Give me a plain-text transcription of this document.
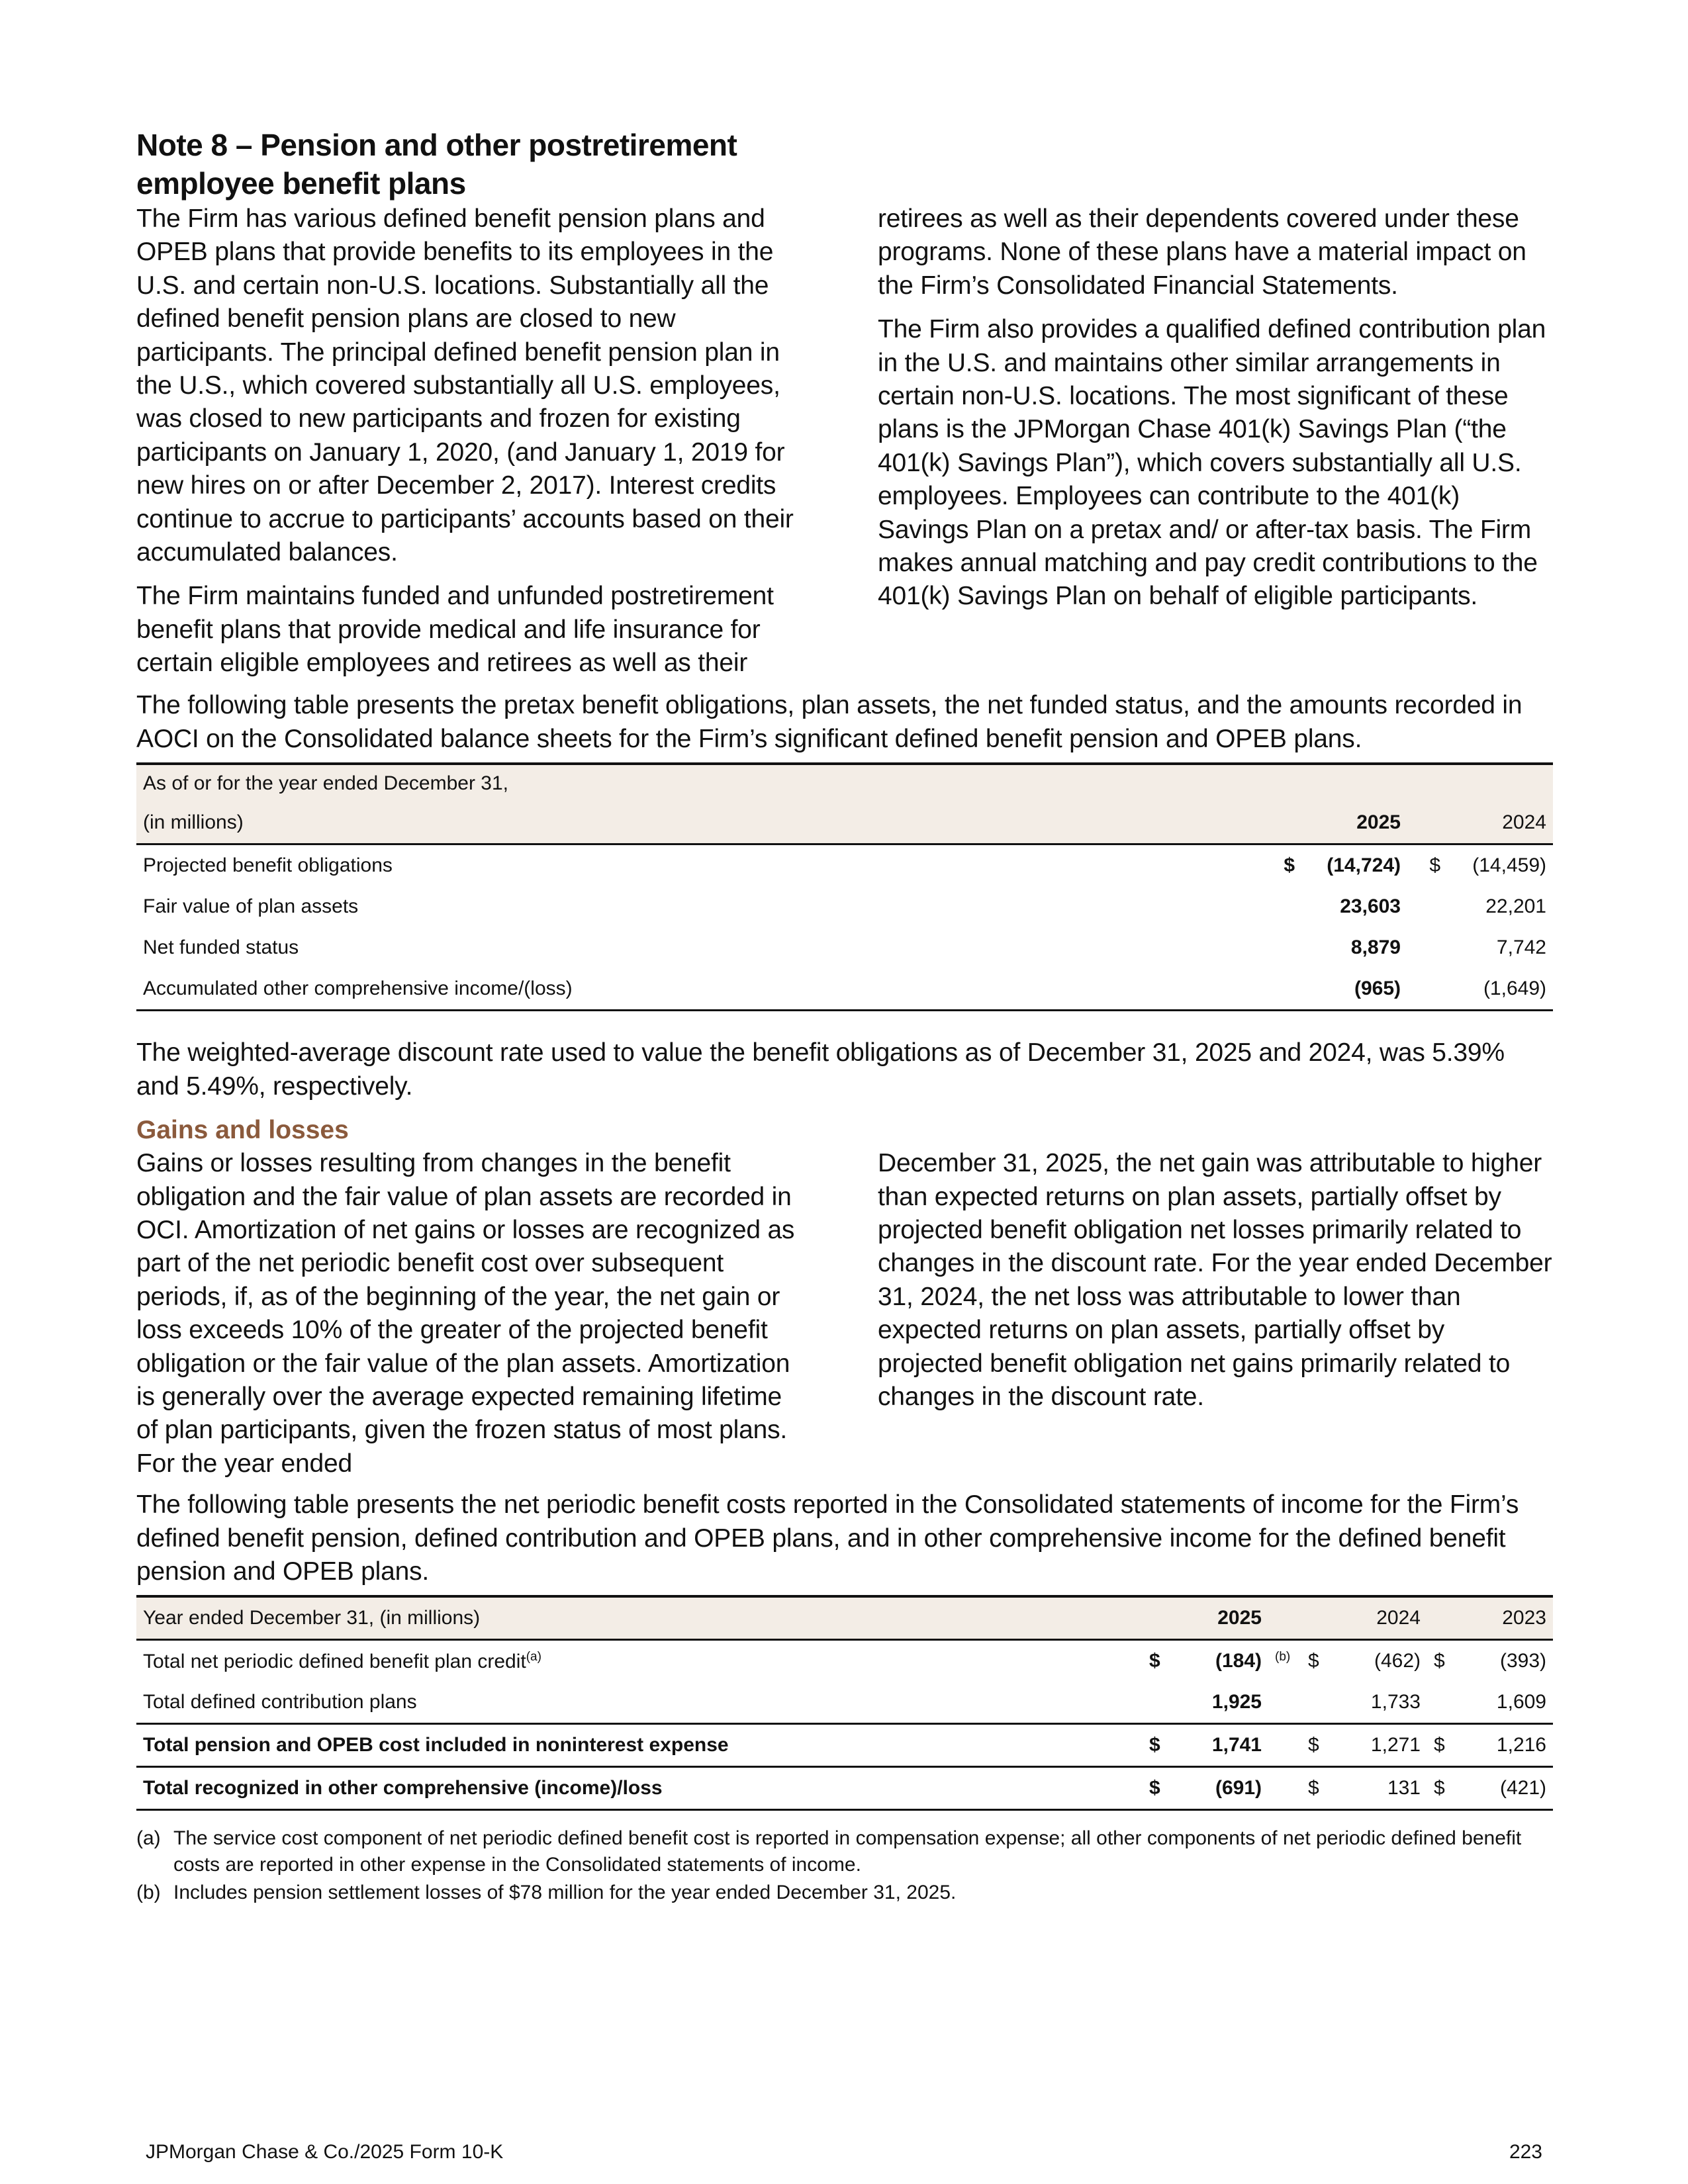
Note 8 – Pension and other postretirement employee benefit plans

The Firm has various defined benefit pension plans and OPEB plans that provide benefits to its employees in the U.S. and certain non-U.S. locations. Substantially all the defined benefit pension plans are closed to new participants. The principal defined benefit pension plan in the U.S., which covered substantially all U.S. employees, was closed to new participants and frozen for existing participants on January 1, 2020, (and January 1, 2019 for new hires on or after December 2, 2017). Interest credits continue to accrue to participants’ accounts based on their accumulated balances.

The Firm maintains funded and unfunded postretirement benefit plans that provide medical and life insurance for certain eligible employees and retirees as well as their

retirees as well as their dependents covered under these programs. None of these plans have a material impact on the Firm’s Consolidated Financial Statements.

The Firm also provides a qualified defined contribution plan in the U.S. and maintains other similar arrangements in certain non-U.S. locations. The most significant of these plans is the JPMorgan Chase 401(k) Savings Plan (“the 401(k) Savings Plan”), which covers substantially all U.S. employees. Employees can contribute to the 401(k) Savings Plan on a pretax and/ or after-tax basis. The Firm makes annual matching and pay credit contributions to the 401(k) Savings Plan on behalf of eligible participants.

The following table presents the pretax benefit obligations, plan assets, the net funded status, and the amounts recorded in AOCI on the Consolidated balance sheets for the Firm’s significant defined benefit pension and OPEB plans.

As of or for the year ended December 31,				
(in millions)		2025		2024
Projected benefit obligations	$	(14,724)	$	(14,459)
Fair value of plan assets		23,603		22,201
Net funded status		8,879		7,742
Accumulated other comprehensive income/(loss)		(965)		(1,649)

The weighted-average discount rate used to value the benefit obligations as of December 31, 2025 and 2024, was 5.39% and 5.49%, respectively.

Gains and losses

Gains or losses resulting from changes in the benefit obligation and the fair value of plan assets are recorded in OCI. Amortization of net gains or losses are recognized as part of the net periodic benefit cost over subsequent periods, if, as of the beginning of the year, the net gain or loss exceeds 10% of the greater of the projected benefit obligation or the fair value of the plan assets. Amortization is generally over the average expected remaining lifetime of plan participants, given the frozen status of most plans. For the year ended

December 31, 2025, the net gain was attributable to higher than expected returns on plan assets, partially offset by projected benefit obligation net losses primarily related to changes in the discount rate. For the year ended December 31, 2024, the net loss was attributable to lower than expected returns on plan assets, partially offset by projected benefit obligation net gains primarily related to changes in the discount rate.

The following table presents the net periodic benefit costs reported in the Consolidated statements of income for the Firm’s defined benefit pension, defined contribution and OPEB plans, and in other comprehensive income for the defined benefit pension and OPEB plans.

Year ended December 31, (in millions)		2025			2024		2023
Total net periodic defined benefit plan credit$^{(a)}$	$	(184)	$^{(b)}$	$	(462)	$	(393)
Total defined contribution plans		1,925			1,733		1,609
Total pension and OPEB cost included in noninterest expense	$	1,741		$	1,271	$	1,216
Total recognized in other comprehensive (income)/loss	$	(691)		$	131	$	(421)
(a) The service cost component of net periodic defined benefit cost is reported in compensation expense; all other components of net periodic defined benefit costs are reported in other expense in the Consolidated statements of income.
(b) Includes pension settlement losses of $78 million for the year ended December 31, 2025.
JPMorgan Chase & Co./2025 Form 10-K	223
